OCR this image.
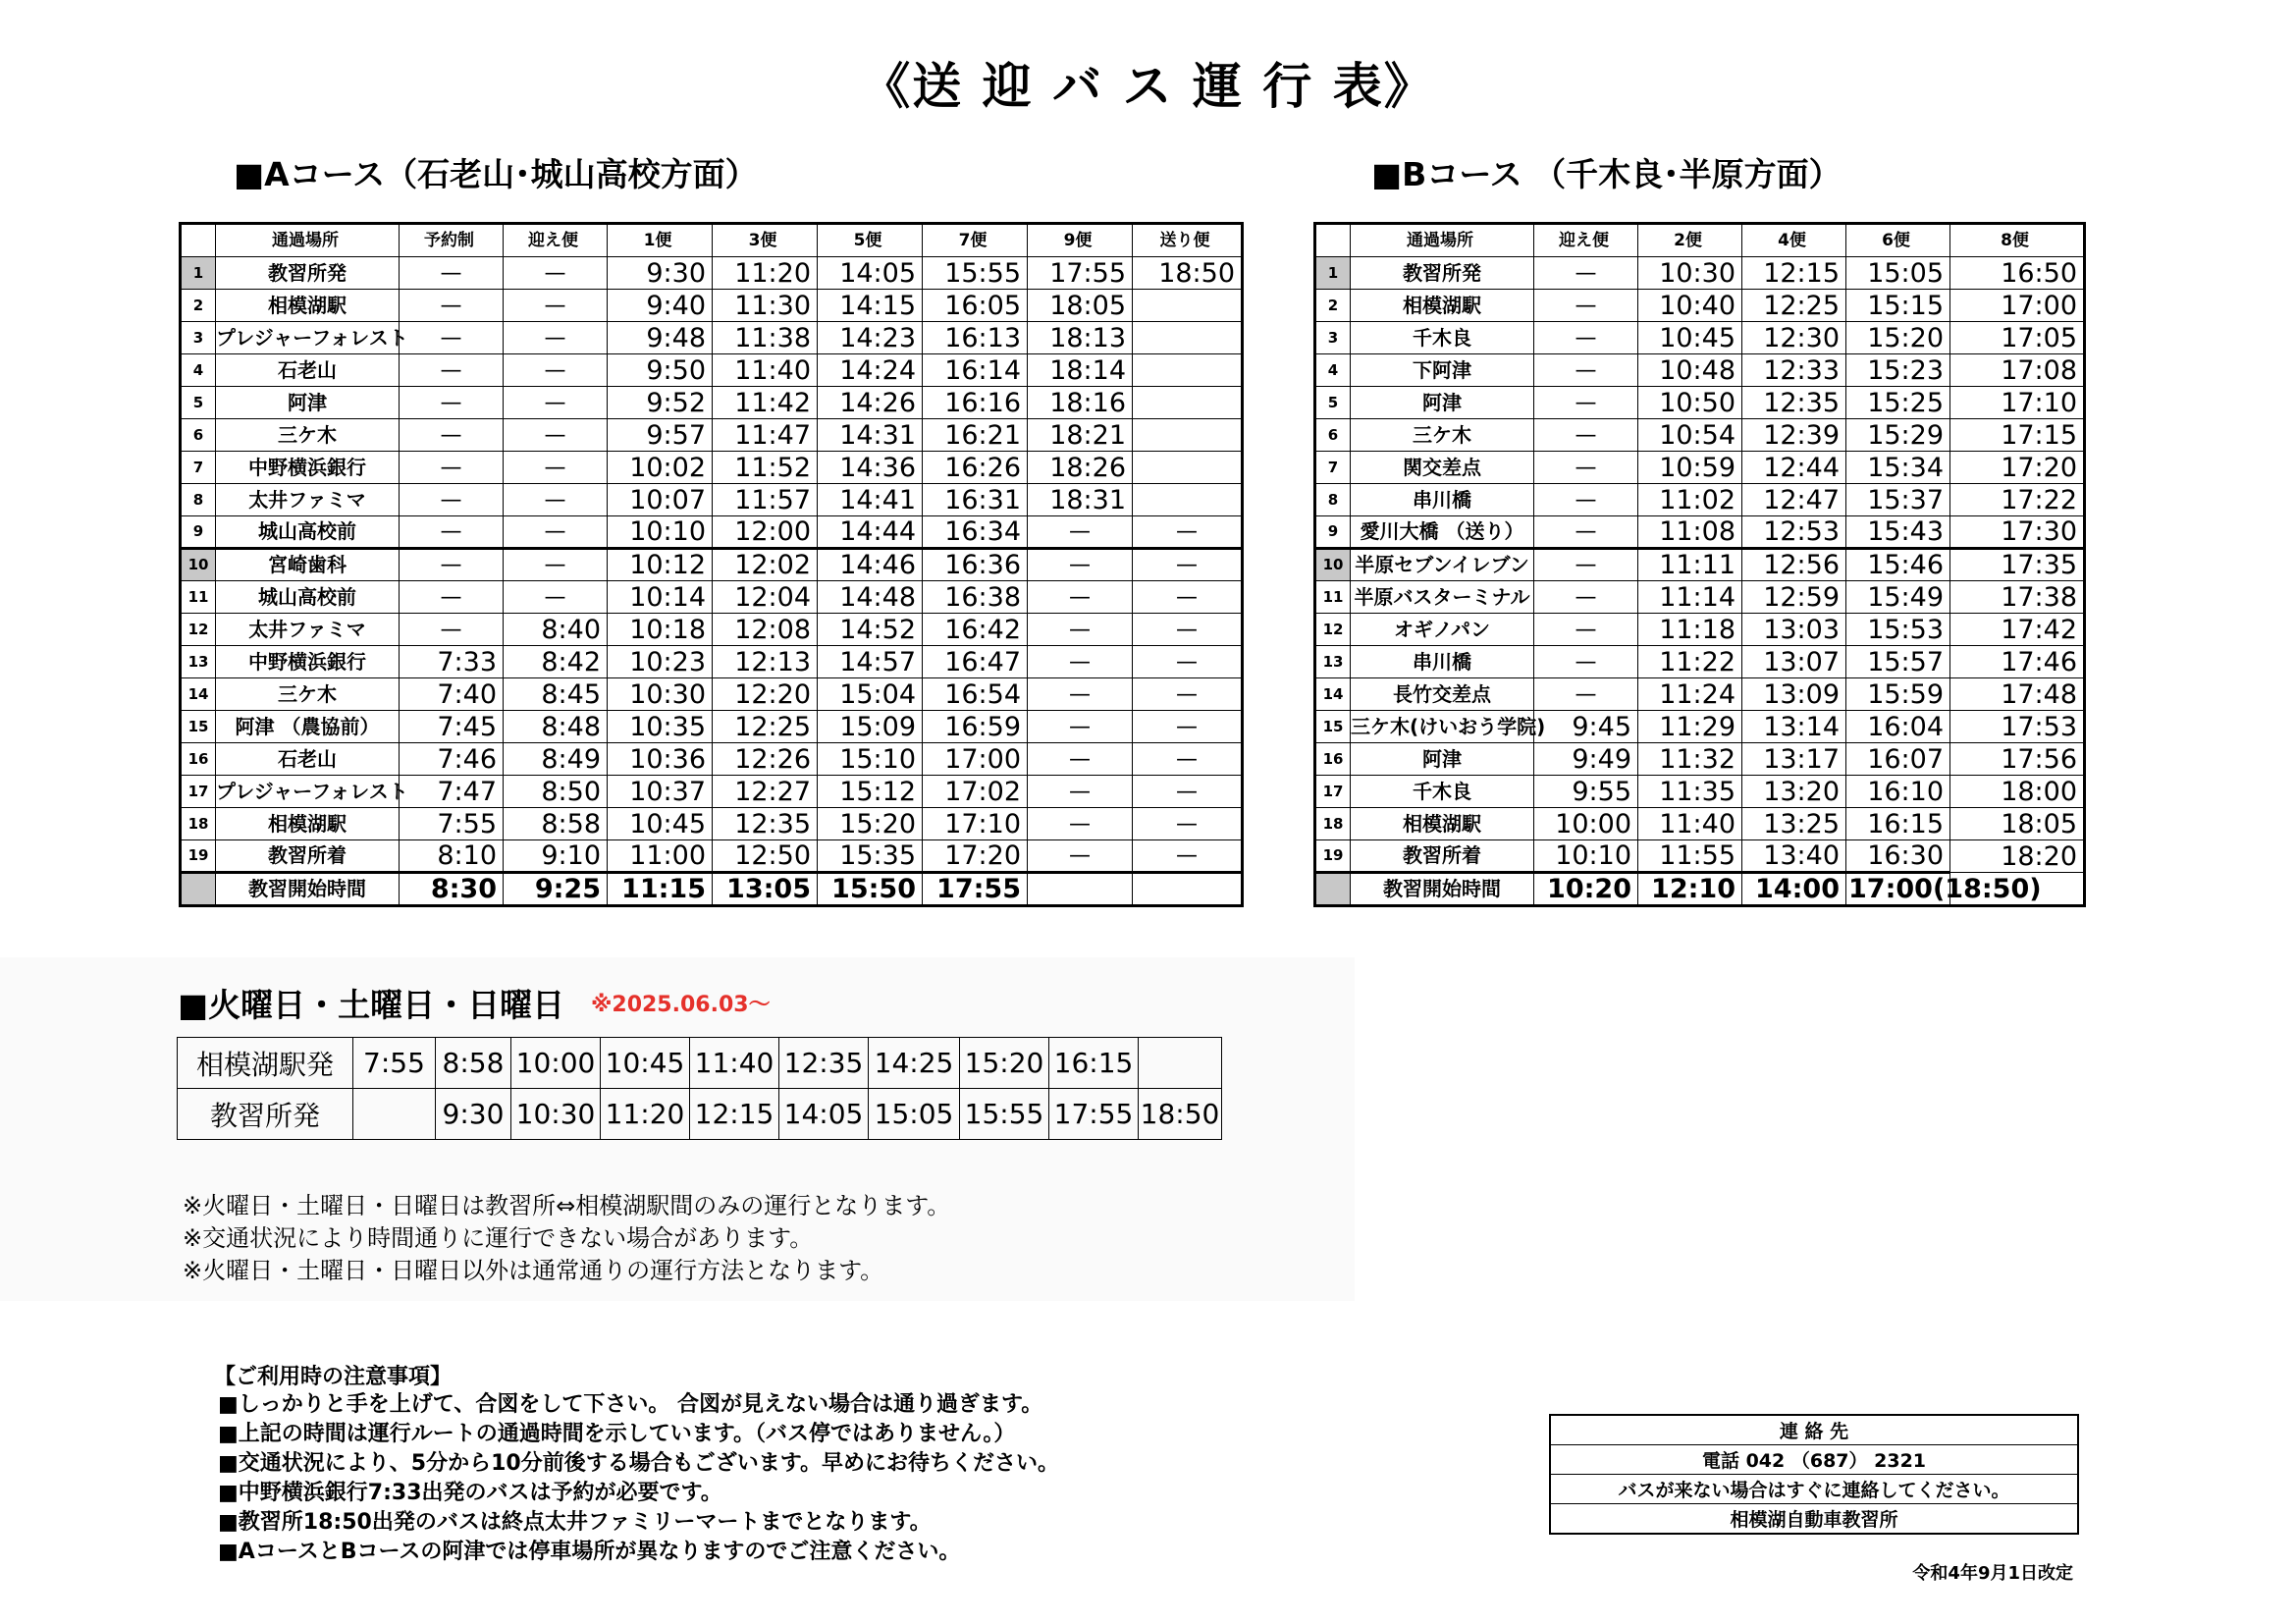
《送 迎 バ ス 運 行 表》
■Aコース（石老山･城山高校方面）	■Bコース （千木良･半原方面）
	通過場所	予約制	迎え便	1便	3便	5便	7便	9便	送り便
1	教習所発	—	—	9:30	11:20	14:05	15:55	17:55	18:50
2	相模湖駅	—	—	9:40	11:30	14:15	16:05	18:05	
3	プレジャーフォレスト	—	—	9:48	11:38	14:23	16:13	18:13	
4	石老山	—	—	9:50	11:40	14:24	16:14	18:14	
5	阿津	—	—	9:52	11:42	14:26	16:16	18:16	
6	三ケ木	—	—	9:57	11:47	14:31	16:21	18:21	
7	中野横浜銀行	—	—	10:02	11:52	14:36	16:26	18:26	
8	太井ファミマ	—	—	10:07	11:57	14:41	16:31	18:31	
9	城山高校前	—	—	10:10	12:00	14:44	16:34	—	—
10	宮崎歯科	—	—	10:12	12:02	14:46	16:36	—	—
11	城山高校前	—	—	10:14	12:04	14:48	16:38	—	—
12	太井ファミマ	—	8:40	10:18	12:08	14:52	16:42	—	—
13	中野横浜銀行	7:33	8:42	10:23	12:13	14:57	16:47	—	—
14	三ケ木	7:40	8:45	10:30	12:20	15:04	16:54	—	—
15	阿津 （農協前）	7:45	8:48	10:35	12:25	15:09	16:59	—	—
16	石老山	7:46	8:49	10:36	12:26	15:10	17:00	—	—
17	プレジャーフォレスト	7:47	8:50	10:37	12:27	15:12	17:02	—	—
18	相模湖駅	7:55	8:58	10:45	12:35	15:20	17:10	—	—
19	教習所着	8:10	9:10	11:00	12:50	15:35	17:20	—	—
	教習開始時間	8:30	9:25	11:15	13:05	15:50	17:55		
	通過場所	迎え便	2便	4便	6便	8便
1	教習所発	—	10:30	12:15	15:05	16:50
2	相模湖駅	—	10:40	12:25	15:15	17:00
3	千木良	—	10:45	12:30	15:20	17:05
4	下阿津	—	10:48	12:33	15:23	17:08
5	阿津	—	10:50	12:35	15:25	17:10
6	三ケ木	—	10:54	12:39	15:29	17:15
7	関交差点	—	10:59	12:44	15:34	17:20
8	串川橋	—	11:02	12:47	15:37	17:22
9	愛川大橋 （送り）	—	11:08	12:53	15:43	17:30
10	半原セブンイレブン	—	11:11	12:56	15:46	17:35
11	半原バスターミナル	—	11:14	12:59	15:49	17:38
12	オギノパン	—	11:18	13:03	15:53	17:42
13	串川橋	—	11:22	13:07	15:57	17:46
14	長竹交差点	—	11:24	13:09	15:59	17:48
15	三ケ木(けいおう学院)	9:45	11:29	13:14	16:04	17:53
16	阿津	9:49	11:32	13:17	16:07	17:56
17	千木良	9:55	11:35	13:20	16:10	18:00
18	相模湖駅	10:00	11:40	13:25	16:15	18:05
19	教習所着	10:10	11:55	13:40	16:30	18:20
	教習開始時間	10:20	12:10	14:00	17:00(18:50)	
■火曜日・土曜日・日曜日 ※2025.06.03～
相模湖駅発	7:55	8:58	10:00	10:45	11:40	12:35	14:25	15:20	16:15	
教習所発		9:30	10:30	11:20	12:15	14:05	15:05	15:55	17:55	18:50
※火曜日・土曜日・日曜日は教習所⇔相模湖駅間のみの運行となります。
※交通状況により時間通りに運行できない場合があります。
※火曜日・土曜日・日曜日以外は通常通りの運行方法となります。
【ご利用時の注意事項】
■しっかりと手を上げて、合図をして下さい。 合図が見えない場合は通り過ぎます。
■上記の時間は運行ルートの通過時間を示しています。（バス停ではありません。）
■交通状況により、5分から10分前後する場合もございます。早めにお待ちください。
■中野横浜銀行7:33出発のバスは予約が必要です。
■教習所18:50出発のバスは終点太井ファミリーマートまでとなります。
■AコースとBコースの阿津では停車場所が異なりますのでご注意ください。
連 絡 先
電話 042 （687） 2321
バスが来ない場合はすぐに連絡してください。
相模湖自動車教習所
令和4年9月1日改定
